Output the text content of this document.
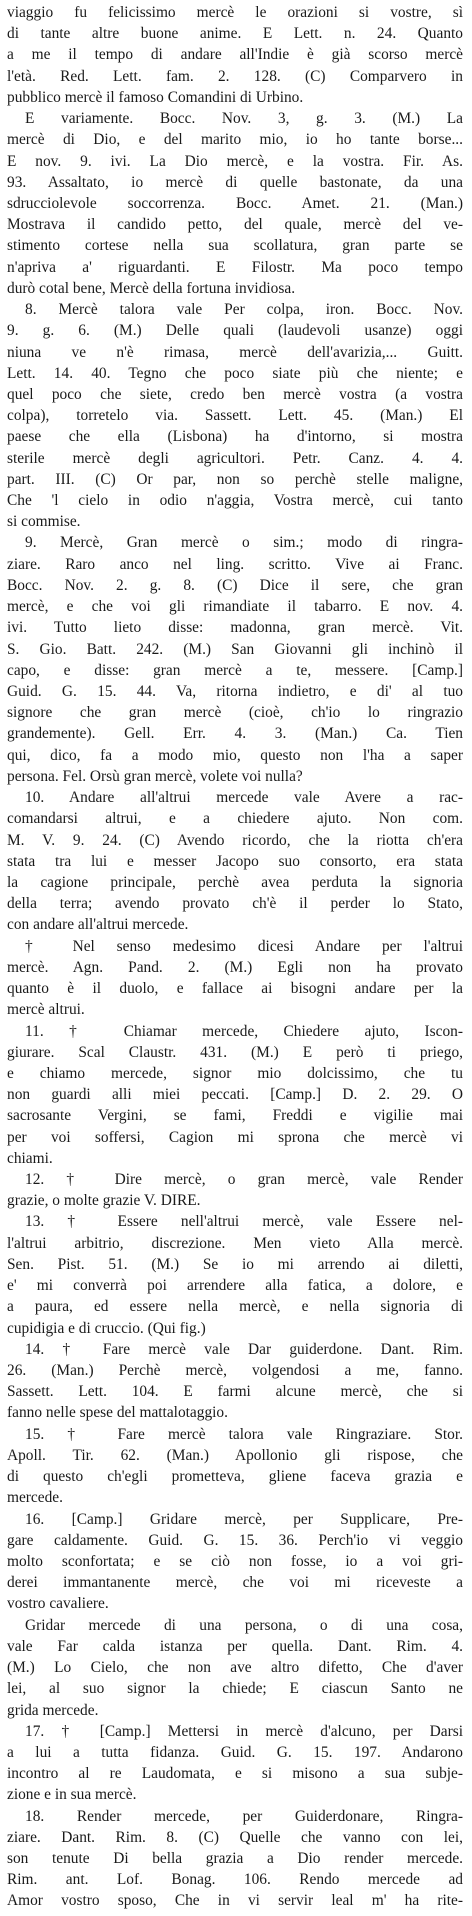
viaggio fu felicissimo mercè le orazioni si vostre, sì
di tante altre buone anime. E Lett. n. 24. Quanto
a me il tempo di andare all'Indie è già scorso mercè
l'età. Red. Lett. fam. 2. 128. (C) Comparvero in
pubblico mercè il famoso Comandini di Urbino.
E variamente. Bocc. Nov. 3, g. 3. (M.) La
mercè di Dio, e del marito mio, io ho tante borse...
E nov. 9. ivi. La Dio mercè, e la vostra. Fir. As.
93. Assaltato, io mercè di quelle bastonate, da una
sdrucciolevole soccorrenza. Bocc. Amet. 21. (Man.)
Mostrava il candido petto, del quale, mercè del ve-
stimento cortese nella sua scollatura, gran parte se
n'apriva a' riguardanti. E Filostr. Ma poco tempo
durò cotal bene, Mercè della fortuna invidiosa.
8. Mercè talora vale Per colpa, iron. Bocc. Nov.
9. g. 6. (M.) Delle quali (laudevoli usanze) oggi
niuna ve n'è rimasa, mercè dell'avarizia,... Guitt.
Lett. 14. 40. Tegno che poco siate più che niente; e
quel poco che siete, credo ben mercè vostra (a vostra
colpa), torretelo via. Sassett. Lett. 45. (Man.) El
paese che ella (Lisbona) ha d'intorno, si mostra
sterile mercè degli agricultori. Petr. Canz. 4. 4.
part. III. (C) Or par, non so perchè stelle maligne,
Che 'l cielo in odio n'aggia, Vostra mercè, cui tanto
si commise.
9. Mercè, Gran mercè o sim.; modo di ringra-
ziare. Raro anco nel ling. scritto. Vive ai Franc.
Bocc. Nov. 2. g. 8. (C) Dice il sere, che gran
mercè, e che voi gli rimandiate il tabarro. E nov. 4.
ivi. Tutto lieto disse: madonna, gran mercè. Vit.
S. Gio. Batt. 242. (M.) San Giovanni gli inchinò il
capo, e disse: gran mercè a te, messere. [Camp.]
Guid. G. 15. 44. Va, ritorna indietro, e di' al tuo
signore che gran mercè (cioè, ch'io lo ringrazio
grandemente). Gell. Err. 4. 3. (Man.) Ca. Tien
qui, dico, fa a modo mio, questo non l'ha a saper
persona. Fel. Orsù gran mercè, volete voi nulla?
10. Andare all'altrui mercede vale Avere a rac-
comandarsi altrui, e a chiedere ajuto. Non com.
M. V. 9. 24. (C) Avendo ricordo, che la riotta ch'era
stata tra lui e messer Jacopo suo consorto, era stata
la cagione principale, perchè avea perduta la signoria
della terra; avendo provato ch'è il perder lo Stato,
con andare all'altrui mercede.
† Nel senso medesimo dicesi Andare per l'altrui
mercè. Agn. Pand. 2. (M.) Egli non ha provato
quanto è il duolo, e fallace ai bisogni andare per la
mercè altrui.
11. † Chiamar mercede, Chiedere ajuto, Iscon-
giurare. Scal Claustr. 431. (M.) E però ti priego,
e chiamo mercede, signor mio dolcissimo, che tu
non guardi alli miei peccati. [Camp.] D. 2. 29. O
sacrosante Vergini, se fami, Freddi e vigilie mai
per voi soffersi, Cagion mi sprona che mercè vi
chiami.
12. † Dire mercè, o gran mercè, vale Render
grazie, o molte grazie V. DIRE.
13. † Essere nell'altrui mercè, vale Essere nel-
l'altrui arbitrio, discrezione. Men vieto Alla mercè.
Sen. Pist. 51. (M.) Se io mi arrendo ai diletti,
e' mi converrà poi arrendere alla fatica, a dolore, e
a paura, ed essere nella mercè, e nella signoria di
cupidigia e di cruccio. (Qui fig.)
14. † Fare mercè vale Dar guiderdone. Dant. Rim.
26. (Man.) Perchè mercè, volgendosi a me, fanno.
Sassett. Lett. 104. E farmi alcune mercè, che si
fanno nelle spese del mattalotaggio.
15. † Fare mercè talora vale Ringraziare. Stor.
Apoll. Tir. 62. (Man.) Apollonio gli rispose, che
di questo ch'egli prometteva, gliene faceva grazia e
mercede.
16. [Camp.] Gridare mercè, per Supplicare, Pre-
gare caldamente. Guid. G. 15. 36. Perch'io vi veggio
molto sconfortata; e se ciò non fosse, io a voi gri-
derei immantanente mercè, che voi mi riceveste a
vostro cavaliere.
Gridar mercede di una persona, o di una cosa,
vale Far calda istanza per quella. Dant. Rim. 4.
(M.) Lo Cielo, che non ave altro difetto, Che d'aver
lei, al suo signor la chiede; E ciascun Santo ne
grida mercede.
17. † [Camp.] Mettersi in mercè d'alcuno, per Darsi
a lui a tutta fidanza. Guid. G. 15. 197. Andarono
incontro al re Laudomata, e si misono a sua subje-
zione e in sua mercè.
18. Render mercede, per Guiderdonare, Ringra-
ziare. Dant. Rim. 8. (C) Quelle che vanno con lei,
son tenute Di bella grazia a Dio render mercede.
Rim. ant. Lof. Bonag. 106. Rendo mercede ad
Amor vostro sposo, Che in vi servir leal m' ha rite-
